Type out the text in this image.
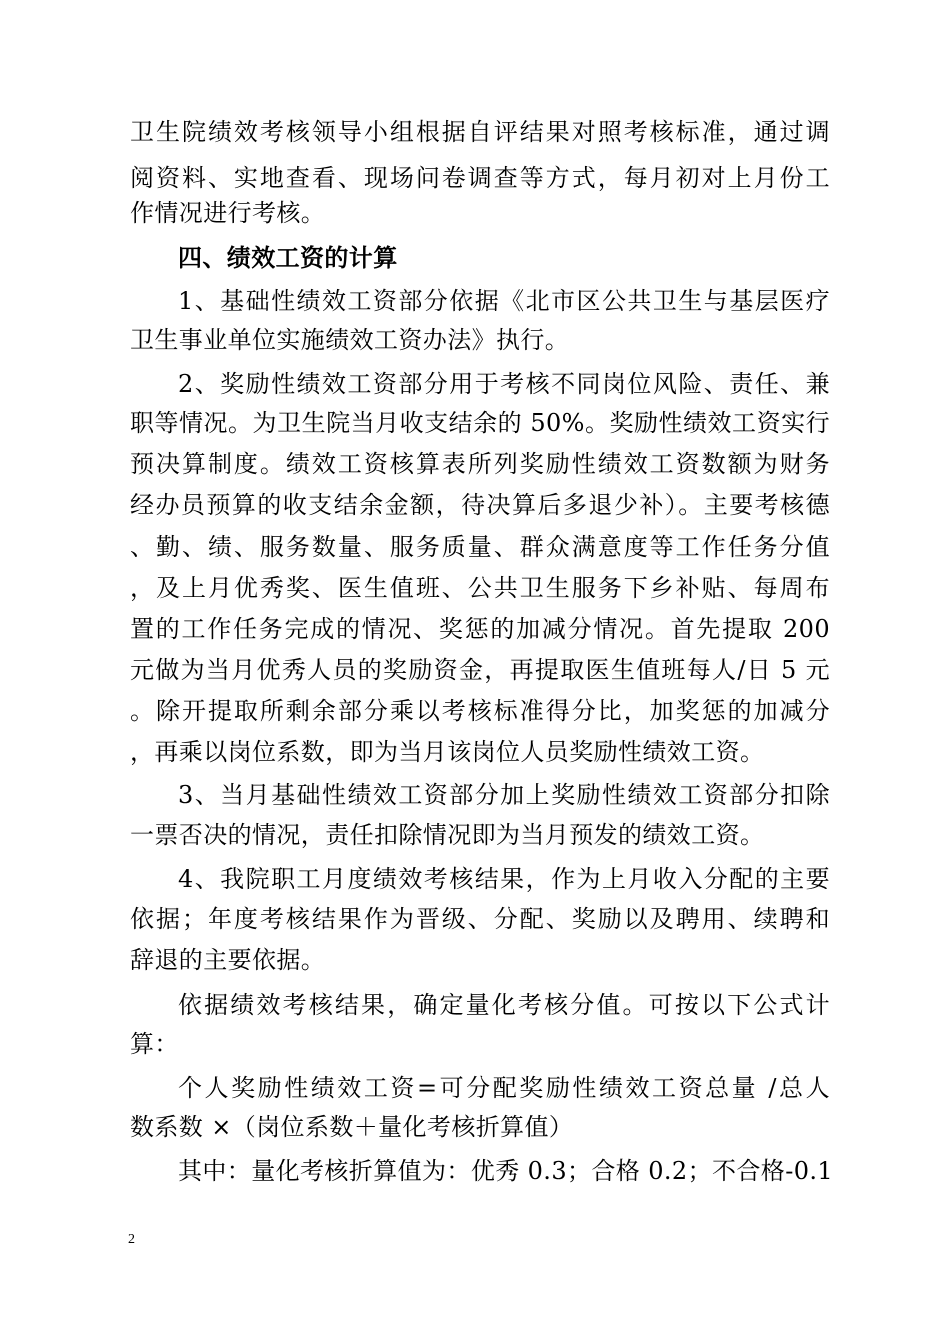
卫生院绩效考核领导小组根据自评结果对照考核标准，通过调
阅资料、实地查看、现场问卷调查等方式，每月初对上月份工
作情况进行考核。
四、绩效工资的计算
1、基础性绩效工资部分依据《北市区公共卫生与基层医疗
卫生事业单位实施绩效工资办法》执行。
2、奖励性绩效工资部分用于考核不同岗位风险、责任、兼
职等情况。为卫生院当月收支结余的 50%。奖励性绩效工资实行
预决算制度。绩效工资核算表所列奖励性绩效工资数额为财务
经办员预算的收支结余金额，待决算后多退少补）。主要考核德
、勤、绩、服务数量、服务质量、群众满意度等工作任务分值
，及上月优秀奖、医生值班、公共卫生服务下乡补贴、每周布
置的工作任务完成的情况、奖惩的加减分情况。首先提取 200
元做为当月优秀人员的奖励资金，再提取医生值班每人/日 5 元
。除开提取所剩余部分乘以考核标准得分比，加奖惩的加减分
，再乘以岗位系数，即为当月该岗位人员奖励性绩效工资。
3、当月基础性绩效工资部分加上奖励性绩效工资部分扣除
一票否决的情况，责任扣除情况即为当月预发的绩效工资。
4、我院职工月度绩效考核结果，作为上月收入分配的主要
依据；年度考核结果作为晋级、分配、奖励以及聘用、续聘和
辞退的主要依据。
依据绩效考核结果，确定量化考核分值。可按以下公式计
算：
个人奖励性绩效工资=可分配奖励性绩效工资总量 /总人
数系数 ×（岗位系数＋量化考核折算值）
其中：量化考核折算值为：优秀 0.3；合格 0.2；不合格-0.1
2
